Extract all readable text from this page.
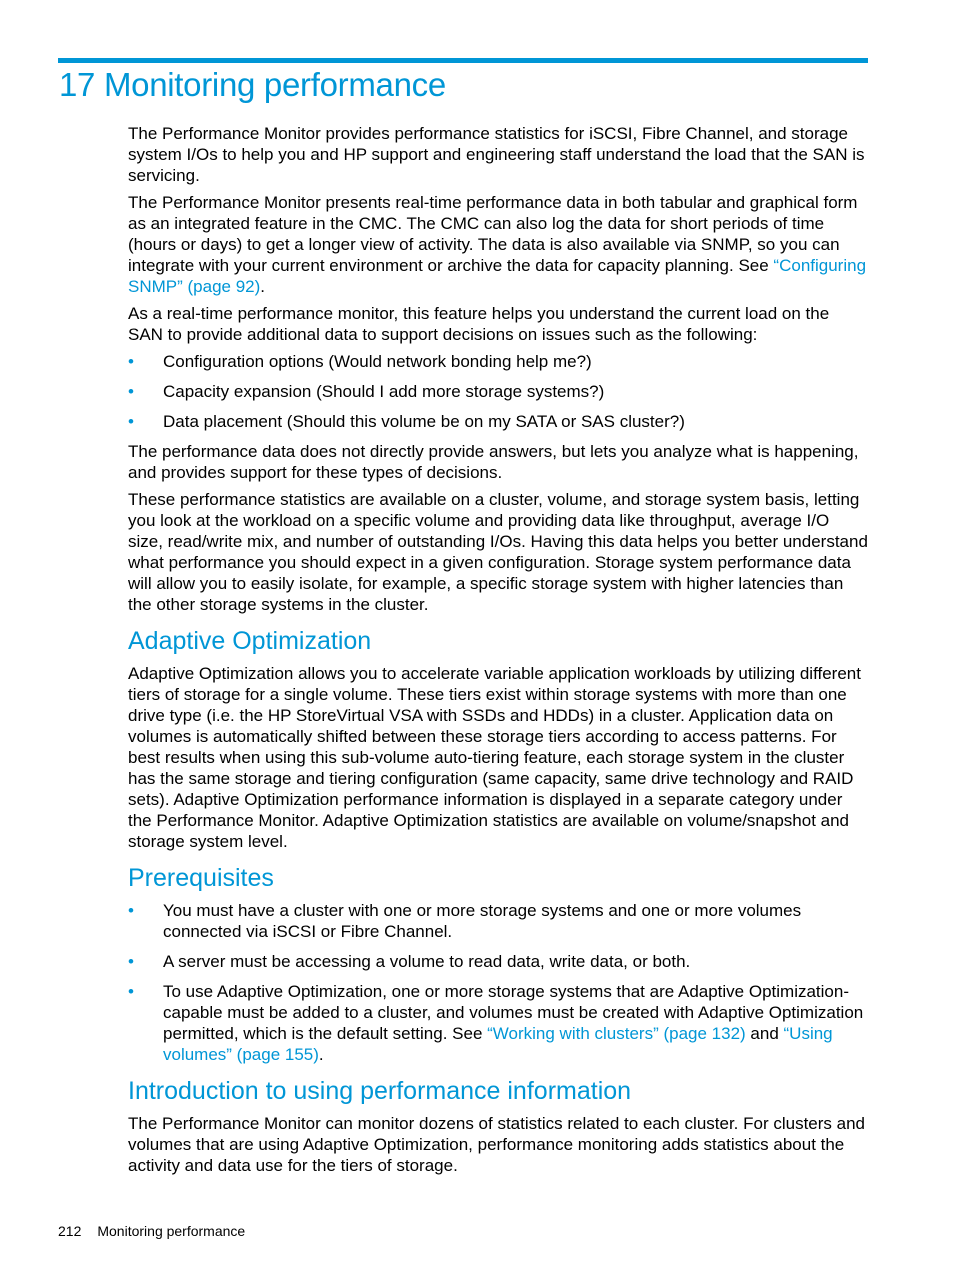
17 Monitoring performance

The Performance Monitor provides performance statistics for iSCSI, Fibre Channel, and storage system I/Os to help you and HP support and engineering staff understand the load that the SAN is servicing.

The Performance Monitor presents real-time performance data in both tabular and graphical form as an integrated feature in the CMC. The CMC can also log the data for short periods of time (hours or days) to get a longer view of activity. The data is also available via SNMP, so you can integrate with your current environment or archive the data for capacity planning. See “Configuring SNMP” (page 92).

As a real-time performance monitor, this feature helps you understand the current load on the SAN to provide additional data to support decisions on issues such as the following:

• Configuration options (Would network bonding help me?)
• Capacity expansion (Should I add more storage systems?)
• Data placement (Should this volume be on my SATA or SAS cluster?)

The performance data does not directly provide answers, but lets you analyze what is happening, and provides support for these types of decisions.

These performance statistics are available on a cluster, volume, and storage system basis, letting you look at the workload on a specific volume and providing data like throughput, average I/O size, read/write mix, and number of outstanding I/Os. Having this data helps you better understand what performance you should expect in a given configuration. Storage system performance data will allow you to easily isolate, for example, a specific storage system with higher latencies than the other storage systems in the cluster.

Adaptive Optimization

Adaptive Optimization allows you to accelerate variable application workloads by utilizing different tiers of storage for a single volume. These tiers exist within storage systems with more than one drive type (i.e. the HP StoreVirtual VSA with SSDs and HDDs) in a cluster. Application data on volumes is automatically shifted between these storage tiers according to access patterns. For best results when using this sub-volume auto-tiering feature, each storage system in the cluster has the same storage and tiering configuration (same capacity, same drive technology and RAID sets). Adaptive Optimization performance information is displayed in a separate category under the Performance Monitor. Adaptive Optimization statistics are available on volume/snapshot and storage system level.

Prerequisites
• You must have a cluster with one or more storage systems and one or more volumes connected via iSCSI or Fibre Channel.
• A server must be accessing a volume to read data, write data, or both.
• To use Adaptive Optimization, one or more storage systems that are Adaptive Optimization-capable must be added to a cluster, and volumes must be created with Adaptive Optimization permitted, which is the default setting. See “Working with clusters” (page 132) and “Using volumes” (page 155).
Introduction to using performance information

The Performance Monitor can monitor dozens of statistics related to each cluster. For clusters and volumes that are using Adaptive Optimization, performance monitoring adds statistics about the activity and data use for the tiers of storage.

212 Monitoring performance
